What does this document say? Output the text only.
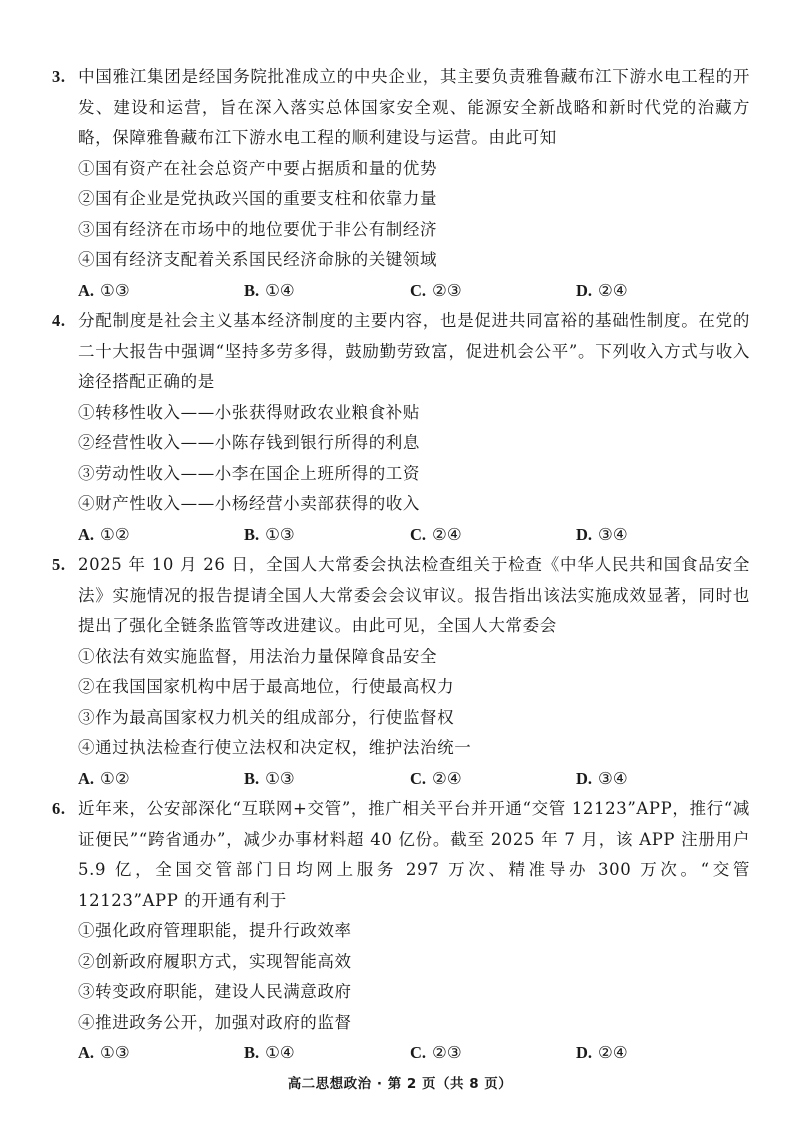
3. 中国雅江集团是经国务院批准成立的中央企业，其主要负责雅鲁藏布江下游水电工程的开发、建设和运营，旨在深入落实总体国家安全观、能源安全新战略和新时代党的治藏方略，保障雅鲁藏布江下游水电工程的顺利建设与运营。由此可知
①国有资产在社会总资产中要占据质和量的优势
②国有企业是党执政兴国的重要支柱和依靠力量
③国有经济在市场中的地位要优于非公有制经济
④国有经济支配着关系国民经济命脉的关键领域
A. ①③	B. ①④	C. ②③	D. ②④
4. 分配制度是社会主义基本经济制度的主要内容，也是促进共同富裕的基础性制度。在党的二十大报告中强调“坚持多劳多得，鼓励勤劳致富，促进机会公平”。下列收入方式与收入途径搭配正确的是
①转移性收入——小张获得财政农业粮食补贴
②经营性收入——小陈存钱到银行所得的利息
③劳动性收入——小李在国企上班所得的工资
④财产性收入——小杨经营小卖部获得的收入
A. ①②	B. ①③	C. ②④	D. ③④
5. 2025 年 10 月 26 日，全国人大常委会执法检查组关于检查《中华人民共和国食品安全法》实施情况的报告提请全国人大常委会会议审议。报告指出该法实施成效显著，同时也提出了强化全链条监管等改进建议。由此可见，全国人大常委会
①依法有效实施监督，用法治力量保障食品安全
②在我国国家机构中居于最高地位，行使最高权力
③作为最高国家权力机关的组成部分，行使监督权
④通过执法检查行使立法权和决定权，维护法治统一
A. ①②	B. ①③	C. ②④	D. ③④
6. 近年来，公安部深化“互联网+交管”，推广相关平台并开通“交管 12123”APP，推行“减证便民”“跨省通办”，减少办事材料超 40 亿份。截至 2025 年 7 月，该 APP 注册用户 5.9 亿，全国交管部门日均网上服务 297 万次、精准导办 300 万次。“交管 12123”APP 的开通有利于
①强化政府管理职能，提升行政效率
②创新政府履职方式，实现智能高效
③转变政府职能，建设人民满意政府
④推进政务公开，加强对政府的监督
A. ①③	B. ①④	C. ②③	D. ②④
高二思想政治 · 第 2 页（共 8 页）
